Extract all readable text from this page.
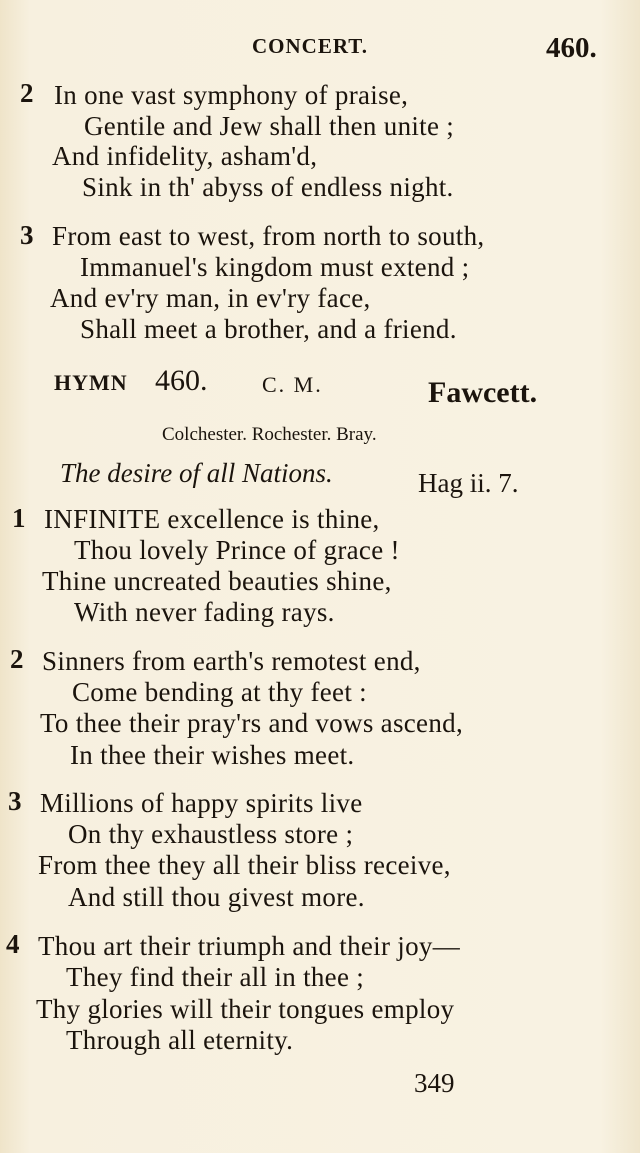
CONCERT.	460.
2 In one vast symphony of praise,
Gentile and Jew shall then unite ;
And infidelity, asham'd,
Sink in th' abyss of endless night.
3 From east to west, from north to south,
Immanuel's kingdom must extend ;
And ev'ry man, in ev'ry face,
Shall meet a brother, and a friend.
HYMN 460. C. M.	Fawcett.
Colchester. Rochester. Bray.
The desire of all Nations.	Hag ii. 7.
1 INFINITE excellence is thine,
Thou lovely Prince of grace !
Thine uncreated beauties shine,
With never fading rays.
2 Sinners from earth's remotest end,
Come bending at thy feet :
To thee their pray'rs and vows ascend,
In thee their wishes meet.
3 Millions of happy spirits live
On thy exhaustless store ;
From thee they all their bliss receive,
And still thou givest more.
4 Thou art their triumph and their joy—
They find their all in thee ;
Thy glories will their tongues employ
Through all eternity.
349
